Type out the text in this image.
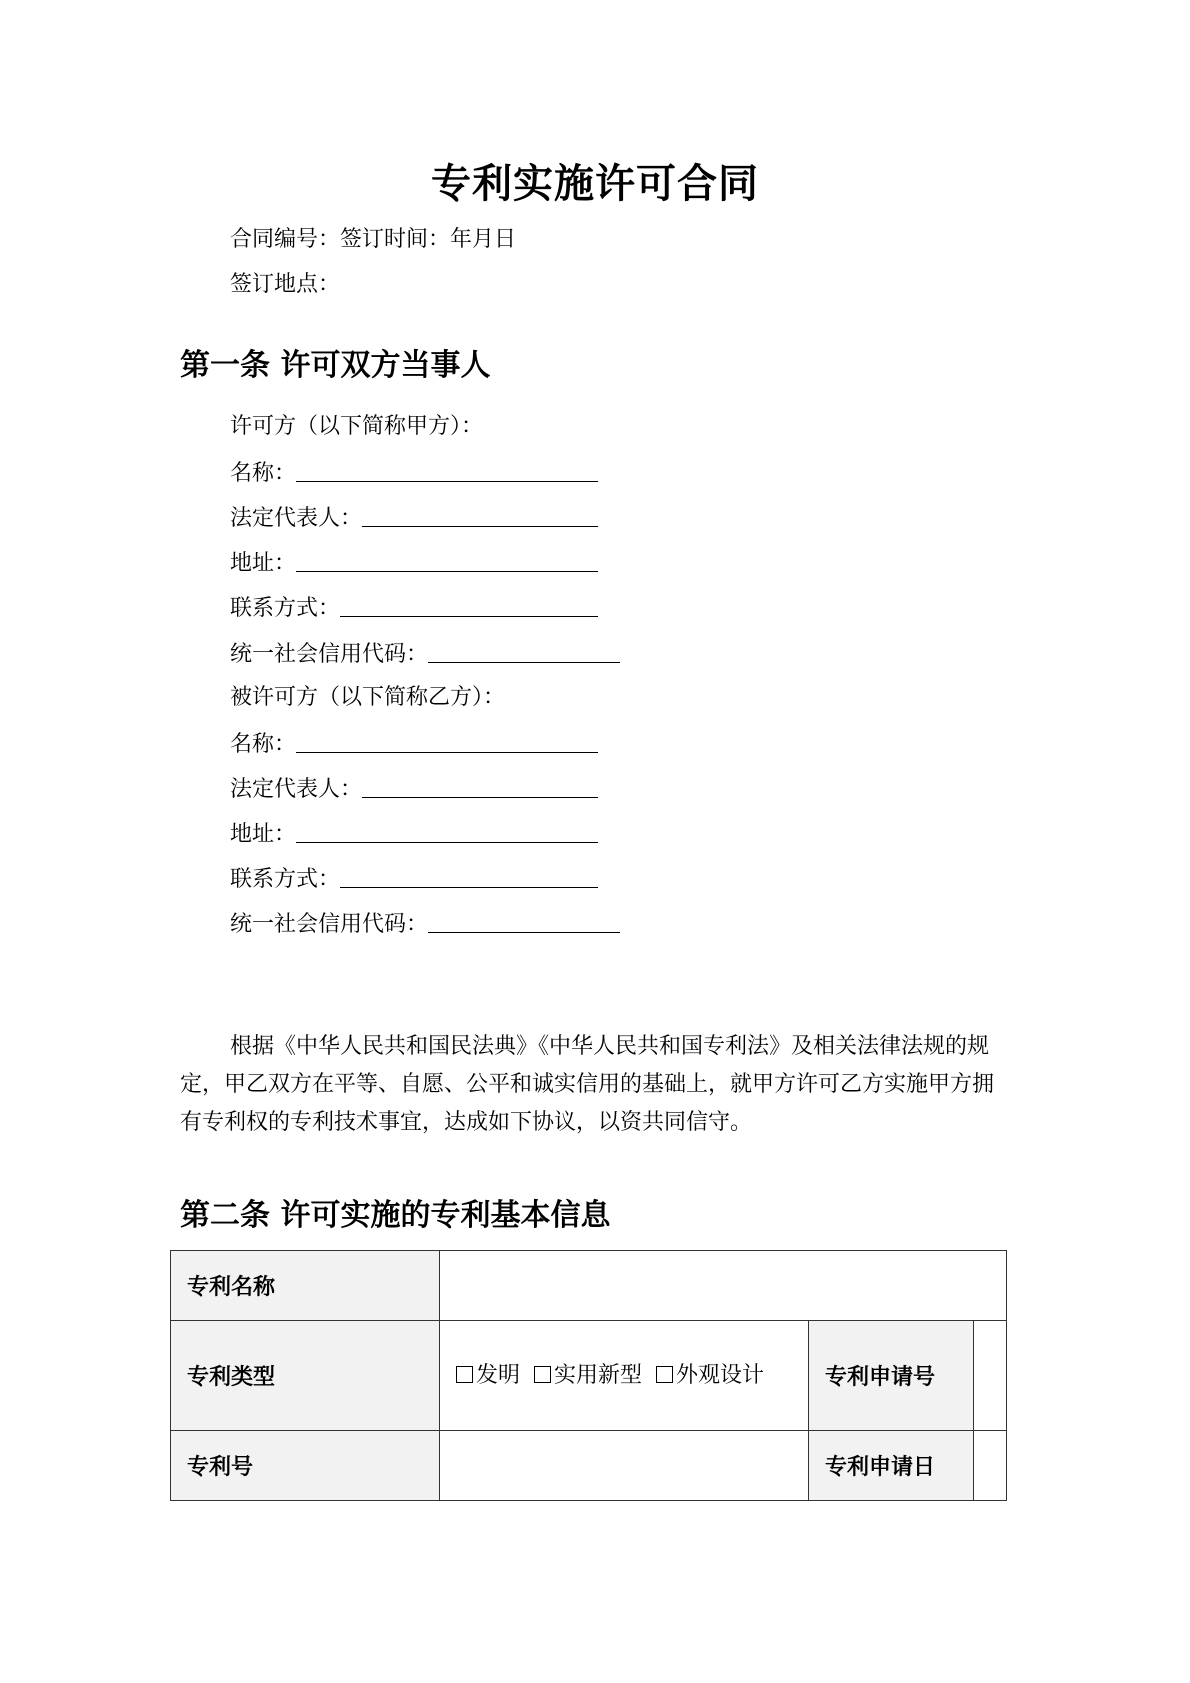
专利实施许可合同
合同编号：签订时间：年月日
签订地点：
第一条 许可双方当事人
许可方（以下简称甲方）：
名称：
法定代表人：
地址：
联系方式：
统一社会信用代码：
被许可方（以下简称乙方）：
名称：
法定代表人：
地址：
联系方式：
统一社会信用代码：
根据《中华人民共和国民法典》《中华人民共和国专利法》及相关法律法规的规定，甲乙双方在平等、自愿、公平和诚实信用的基础上，就甲方许可乙方实施甲方拥有专利权的专利技术事宜，达成如下协议，以资共同信守。
第二条 许可实施的专利基本信息
专利名称			
专利类型	发明 实用新型 外观设计	专利申请号	
专利号		专利申请日	
